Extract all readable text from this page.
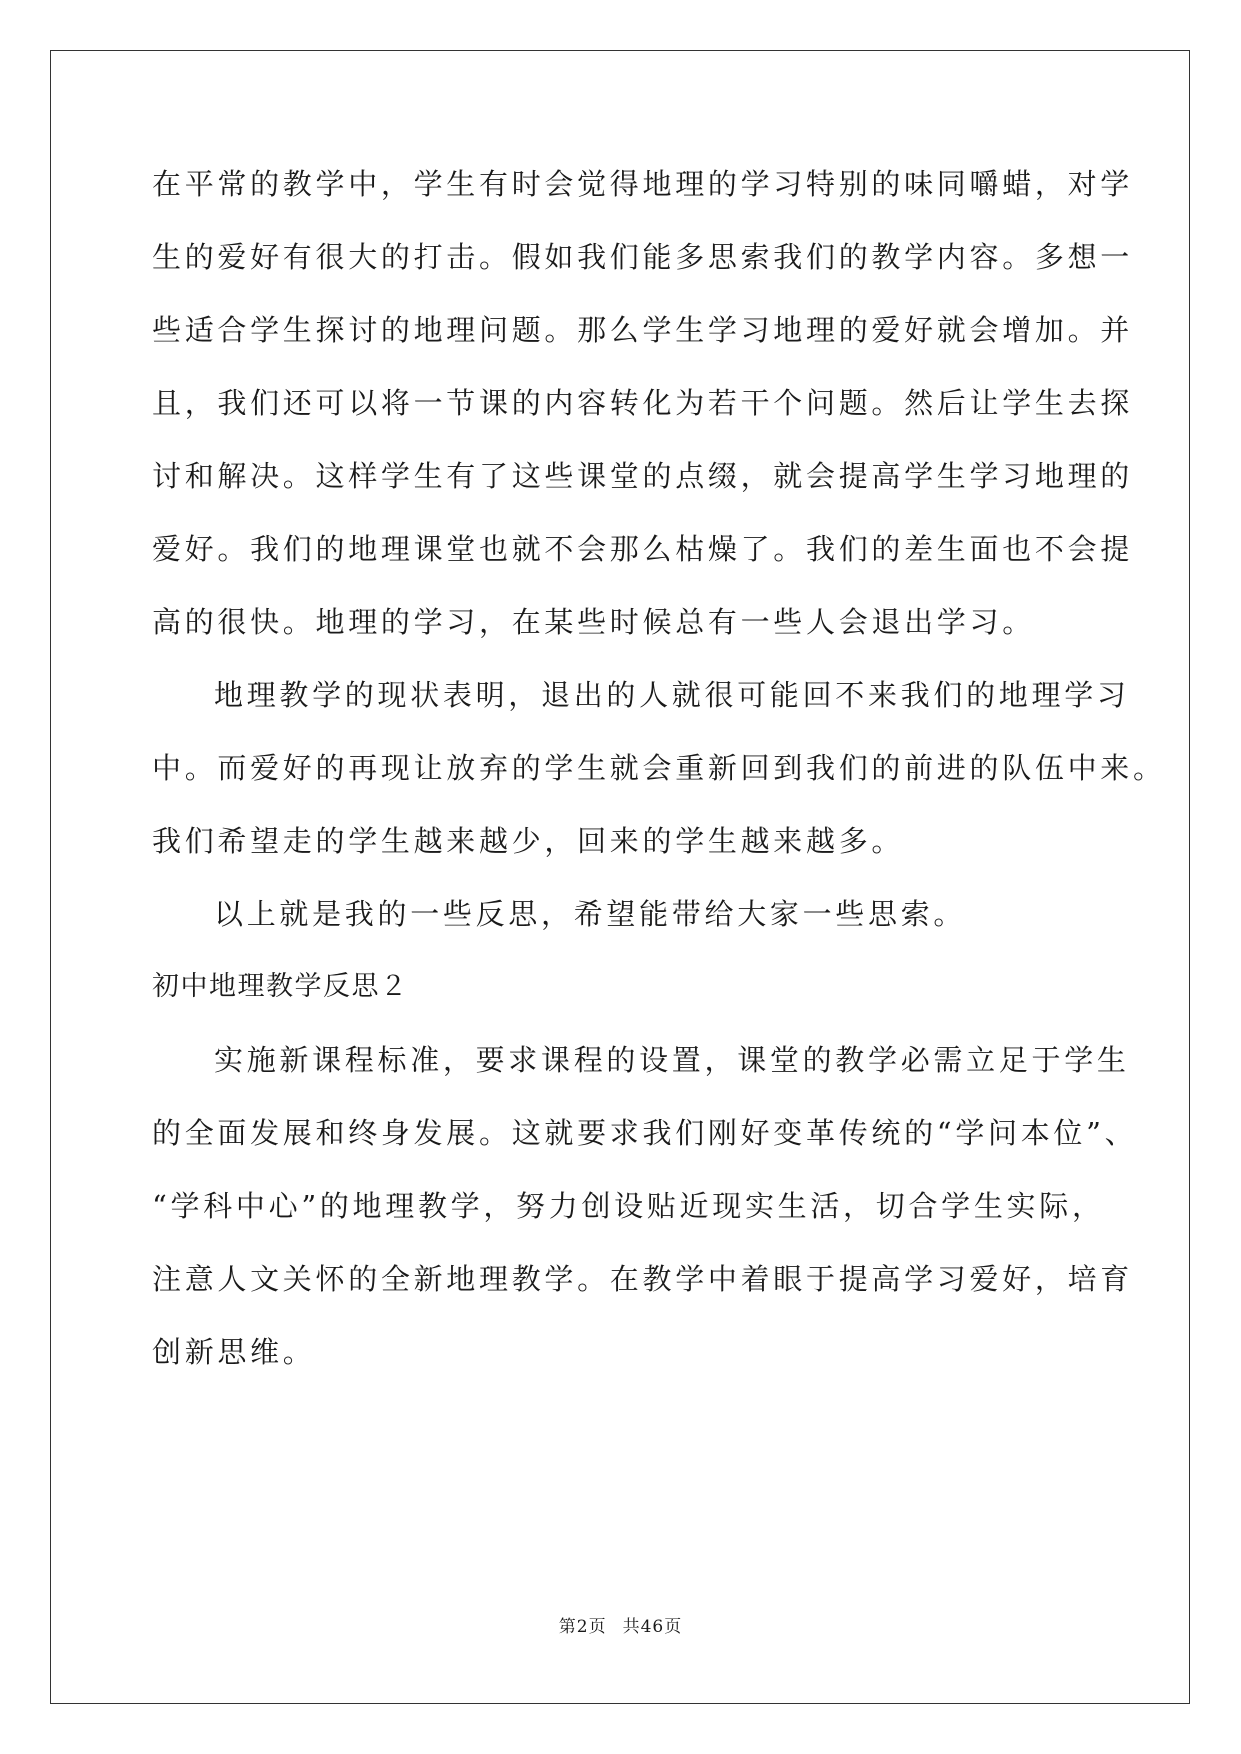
在平常的教学中，学生有时会觉得地理的学习特别的味同嚼蜡，对学
生的爱好有很大的打击。假如我们能多思索我们的教学内容。多想一
些适合学生探讨的地理问题。那么学生学习地理的爱好就会增加。并
且，我们还可以将一节课的内容转化为若干个问题。然后让学生去探
讨和解决。这样学生有了这些课堂的点缀，就会提高学生学习地理的
爱好。我们的地理课堂也就不会那么枯燥了。我们的差生面也不会提
高的很快。地理的学习，在某些时候总有一些人会退出学习。
地理教学的现状表明，退出的人就很可能回不来我们的地理学习
中。而爱好的再现让放弃的学生就会重新回到我们的前进的队伍中来。
我们希望走的学生越来越少，回来的学生越来越多。
以上就是我的一些反思，希望能带给大家一些思索。
初中地理教学反思２
实施新课程标准，要求课程的设置，课堂的教学必需立足于学生
的全面发展和终身发展。这就要求我们刚好变革传统的“学问本位”、
“学科中心”的地理教学，努力创设贴近现实生活，切合学生实际，
注意人文关怀的全新地理教学。在教学中着眼于提高学习爱好，培育
创新思维。
第2页 共46页
